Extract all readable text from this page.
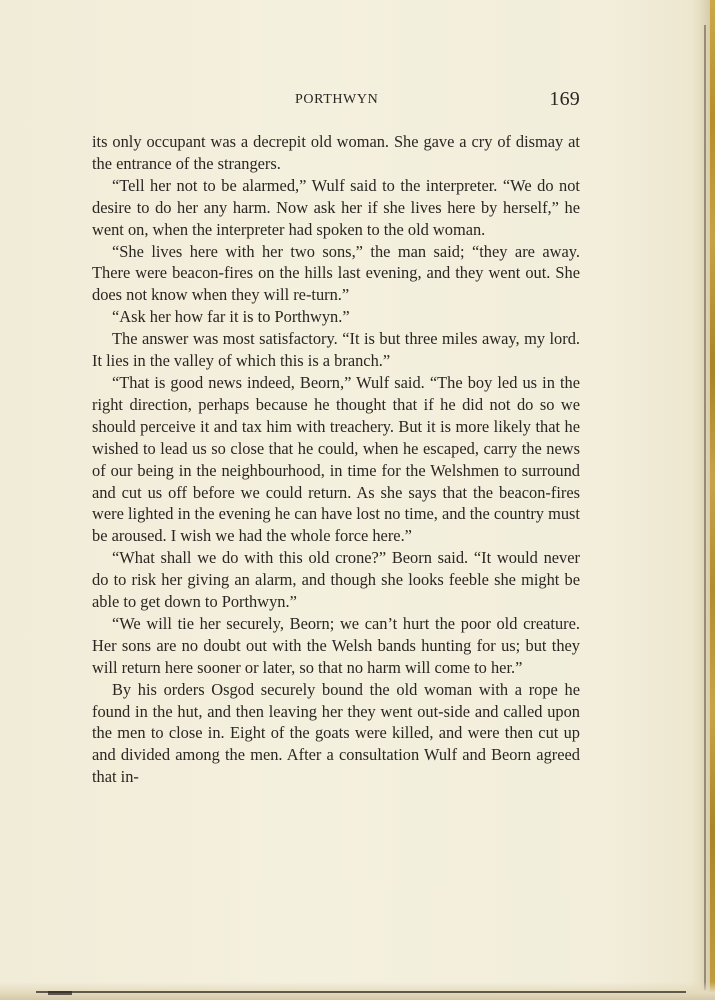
PORTHWYN	169

its only occupant was a decrepit old woman. She gave a cry of dismay at the entrance of the strangers.

“Tell her not to be alarmed,” Wulf said to the interpreter. “We do not desire to do her any harm. Now ask her if she lives here by herself,” he went on, when the interpreter had spoken to the old woman.

“She lives here with her two sons,” the man said; “they are away. There were beacon-fires on the hills last evening, and they went out. She does not know when they will re-turn.”

“Ask her how far it is to Porthwyn.”

The answer was most satisfactory. “It is but three miles away, my lord. It lies in the valley of which this is a branch.”

“That is good news indeed, Beorn,” Wulf said. “The boy led us in the right direction, perhaps because he thought that if he did not do so we should perceive it and tax him with treachery. But it is more likely that he wished to lead us so close that he could, when he escaped, carry the news of our being in the neighbourhood, in time for the Welshmen to surround and cut us off before we could return. As she says that the beacon-fires were lighted in the evening he can have lost no time, and the country must be aroused. I wish we had the whole force here.”

“What shall we do with this old crone?” Beorn said. “It would never do to risk her giving an alarm, and though she looks feeble she might be able to get down to Porthwyn.”

“We will tie her securely, Beorn; we can’t hurt the poor old creature. Her sons are no doubt out with the Welsh bands hunting for us; but they will return here sooner or later, so that no harm will come to her.”

By his orders Osgod securely bound the old woman with a rope he found in the hut, and then leaving her they went out-side and called upon the men to close in. Eight of the goats were killed, and were then cut up and divided among the men. After a consultation Wulf and Beorn agreed that in-
